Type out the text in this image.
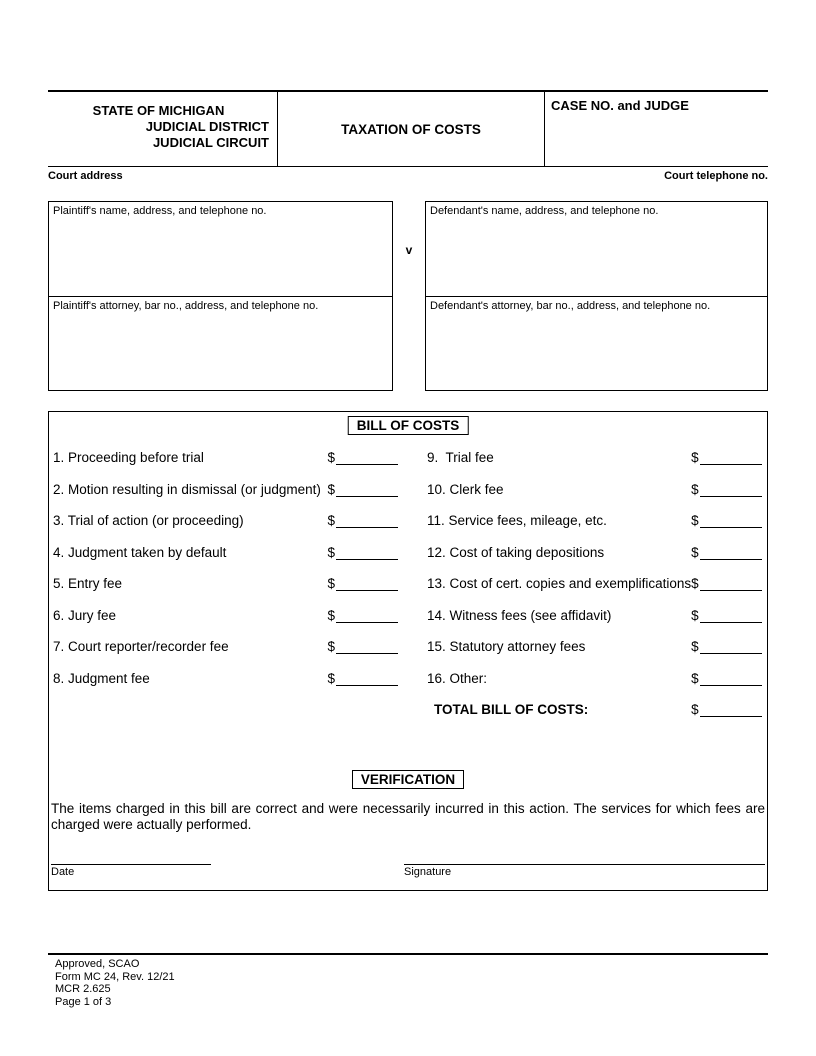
STATE OF MICHIGAN
JUDICIAL DISTRICT
JUDICIAL CIRCUIT
TAXATION OF COSTS
CASE NO. and JUDGE
Court address	Court telephone no.
Plaintiff's name, address, and telephone no.
Plaintiff's attorney, bar no., address, and telephone no.
v
Defendant's name, address, and telephone no.
Defendant's attorney, bar no., address, and telephone no.
BILL OF COSTS
1. Proceeding before trial	$
2. Motion resulting in dismissal (or judgment) $
3. Trial of action (or proceeding)	$
4. Judgment taken by default	$
5. Entry fee	$
6. Jury fee	$
7. Court reporter/recorder fee	$
8. Judgment fee	$
9.  Trial fee	$
10. Clerk fee	$
11. Service fees, mileage, etc.	$
12. Cost of taking depositions	$
13. Cost of cert. copies and exemplifications $
14. Witness fees (see affidavit)	$
15. Statutory attorney fees	$
16. Other:	$
TOTAL BILL OF COSTS:	$
VERIFICATION

The items charged in this bill are correct and were necessarily incurred in this action. The services for which fees are charged were actually performed.

Date	Signature
Approved, SCAO
Form MC 24, Rev. 12/21
MCR 2.625
Page 1 of 3
